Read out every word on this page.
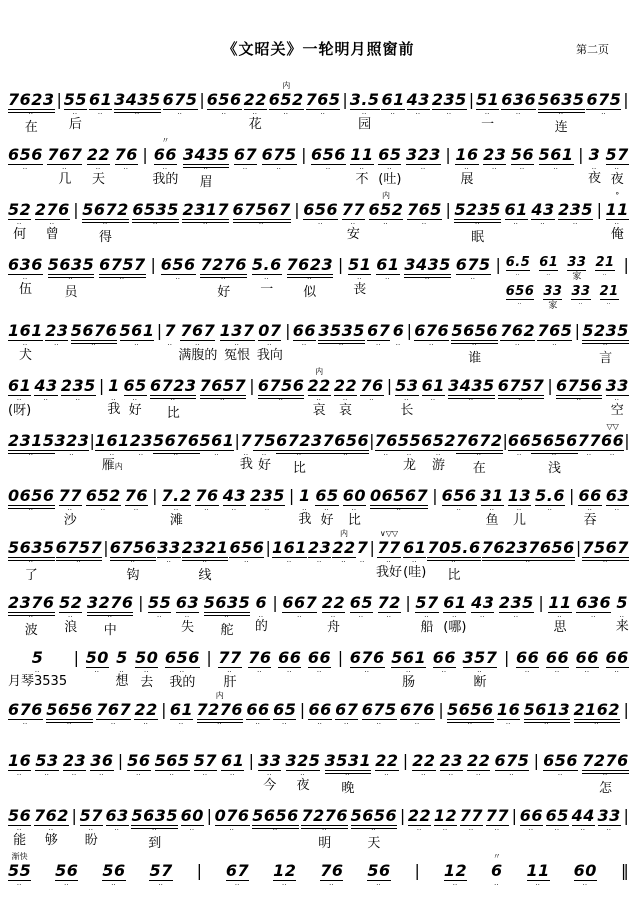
《文昭关》一轮明月照窗前	第二页
7623 ‥
在
| 55 ‥
后
61 ‥ 3435 ‥ 675 ‥ | 656 ‥ 22 ‥
花
内
652 ‥ 765 ‥ | 3.5 ‥
园
61 ‥ 43 ‥ 235 ‥ | 51 ‥
一
636 ‥ 5635 ‥
连
675 ‥ |
656 ‥ 767 ‥
几
22 ‥
天
76 ‥ |
〃
66 ‥
我的
3435 ‥
眉
67 ‥ 675 ‥ | 656 ‥ 11 ‥
不
65 ‥
(吐)
323 ‥ | 16 ‥
展
23 ‥ 56 ‥ 561 ‥ | 3 ‥
夜
57 ‥
夜
52 ‥
何
276 ‥
曾
| 5672 ‥
得
6535 ‥ 2317 ‥ 67567 ‥ | 656 ‥ 77 ‥
安
内
652 ‥ 765 ‥ | 5235 ‥
眠
61 ‥ 43 ‥ 235 ‥ |
°
11 ‥
俺
636 ‥
伍
5635 ‥
员
6757 ‥ | 656 ‥ 7276 ‥
好
5.6 ‥
一
7623 ‥
似
| 51 ‥
丧
61 ‥ 3435 ‥ 675 ‥ | 6.5 ‥ 61 ‥ 33 ‥
家
21 ‥
656 ‥ 33 ‥
家
33 ‥ 21 ‥
|
161 ‥
犬
23 ‥ 5676 ‥ 561 ‥ | 7 ‥ 767 ‥
满腹的
137 ‥
冤恨
07 ‥
我向
| 66 ‥ 3535 ‥ 67 ‥ 6 ‥ | 676 ‥ 5656 ‥
谁
762 ‥ 765 ‥ | 5235 ‥
言
61 ‥
(呀)
43 ‥ 235 ‥ | 1 ‥
我
65 ‥
好
6723 ‥
比
7657 ‥ | 6756 ‥
内
22 ‥
哀
22 ‥
哀
76 ‥ | 53 ‥
长
61 ‥ 3435 ‥ 6757 ‥ | 6756 ‥ 33 ‥
空
2315 ‥ 323 ‥ | 161 ‥
雁内
23 ‥ 5676 ‥ 561 ‥ | 7 ‥
我
75 ‥
好
6723 ‥
比
7656 ‥ | 76 ‥ 55 ‥
龙
652 ‥
游
7672 ‥
在
| 66 ‥ 5656 ‥
浅
77 ‥
▽▽
66 ‥ |
0656 ‥ 77 ‥
沙
652 ‥ 76 ‥ | 7.2 ‥
滩
76 ‥ 43 ‥ 235 ‥ | 1 ‥
我
65 ‥
好
60 ‥
比
06567 ‥ | 656 ‥ 31 ‥
鱼
13 ‥
儿
5.6 ‥ | 66 ‥
吞
63 ‥
5635 ‥
了
6757 ‥ | 6756 ‥
钩
33 ‥ 2321 ‥
线
656 ‥ | 161 ‥ 23 ‥
内
22 ‥ 7 ‥ |
∨▽▽
77 ‥
我好
61 ‥
(哇)
705.6 ‥
比
76237656 ‥ | 7567 ‥
2376 ‥
波
52 ‥
浪
3276 ‥
中
| 55 ‥ 63 ‥
失
5635 ‥
舵
6 ‥
的
| 667 ‥ 22 ‥
舟
65 ‥ 72 ‥ | 57 ‥
船
61 ‥
(哪)
43 ‥ 235 ‥ | 11 ‥
思
636 ‥ 5 ‥
来
5 ‥
月琴3535
| 50 ‥ 5 ‥
想
50 ‥
去
656 ‥
我的
| 77 ‥
肝
76 ‥ 66 ‥ 66 ‥ | 676 ‥ 561 ‥
肠
66 ‥ 357 ‥
断
| 66 ‥ 66 ‥ 66 ‥ 66 ‥
676 ‥ 5656 ‥ 767 ‥ 22 ‥ | 61 ‥
内
7276 ‥ 66 ‥ 65 ‥ | 66 ‥ 67 ‥ 675 ‥ 676 ‥ | 5656 ‥ 16 ‥ 5613 ‥ 2162 ‥ |
16 ‥ 53 ‥ 23 ‥ 36 ‥ | 56 ‥ 565 ‥ 57 ‥ 61 ‥ | 33 ‥
今
325 ‥
夜
3531 ‥
晚
22 ‥ | 22 ‥ 23 ‥ 22 ‥ 675 ‥ | 656 ‥ 7276 ‥
怎
56 ‥
能
762 ‥
够
| 57 ‥
盼
63 ‥ 5635 ‥
到
60 ‥ | 076 ‥ 5656 ‥ 7276 ‥
明
5656 ‥
天
| 22 ‥ 12 ‥ 77 ‥ 77 ‥ | 66 ‥ 65 ‥ 44 ‥ 33 ‥ |
渐快
55 ‥ 56 ‥ 56 ‥ 57 ‥ | 67 ‥ 12 ‥ 76 ‥ 56 ‥ | 12 ‥
〃
6 ‥ 11 ‥ 60 ‥ ‖
